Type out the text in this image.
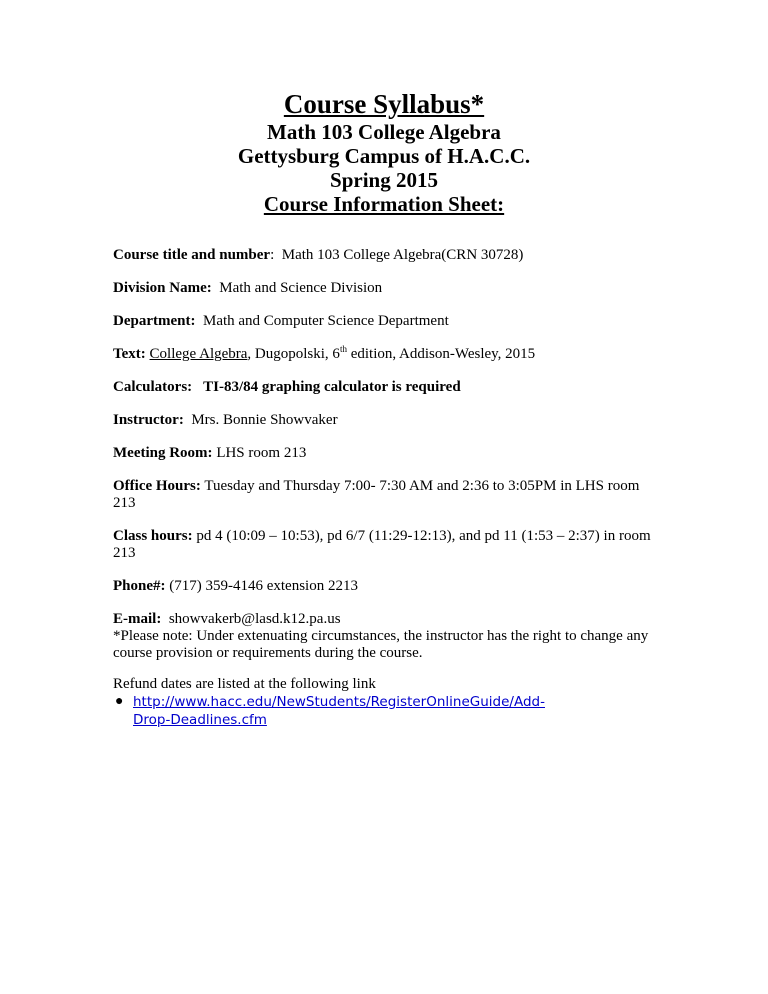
Course Syllabus*
Math 103 College Algebra
Gettysburg Campus of H.A.C.C.
Spring 2015
Course Information Sheet:

Course title and number:  Math 103 College Algebra(CRN 30728)

Division Name:  Math and Science Division

Department:  Math and Computer Science Department

Text: College Algebra, Dugopolski, 6th edition, Addison-Wesley, 2015

Calculators:   TI-83/84 graphing calculator is required

Instructor:  Mrs. Bonnie Showvaker

Meeting Room: LHS room 213

Office Hours: Tuesday and Thursday 7:00- 7:30 AM and 2:36 to 3:05PM in LHS room 213

Class hours: pd 4 (10:09 – 10:53), pd 6/7 (11:29-12:13), and pd 11 (1:53 – 2:37) in room 213

Phone#: (717) 359-4146 extension 2213

E-mail:  showvakerb@lasd.k12.pa.us
*Please note: Under extenuating circumstances, the instructor has the right to change any course provision or requirements during the course.

Refund dates are listed at the following link
● http://www.hacc.edu/NewStudents/RegisterOnlineGuide/Add-Drop-Deadlines.cfm
